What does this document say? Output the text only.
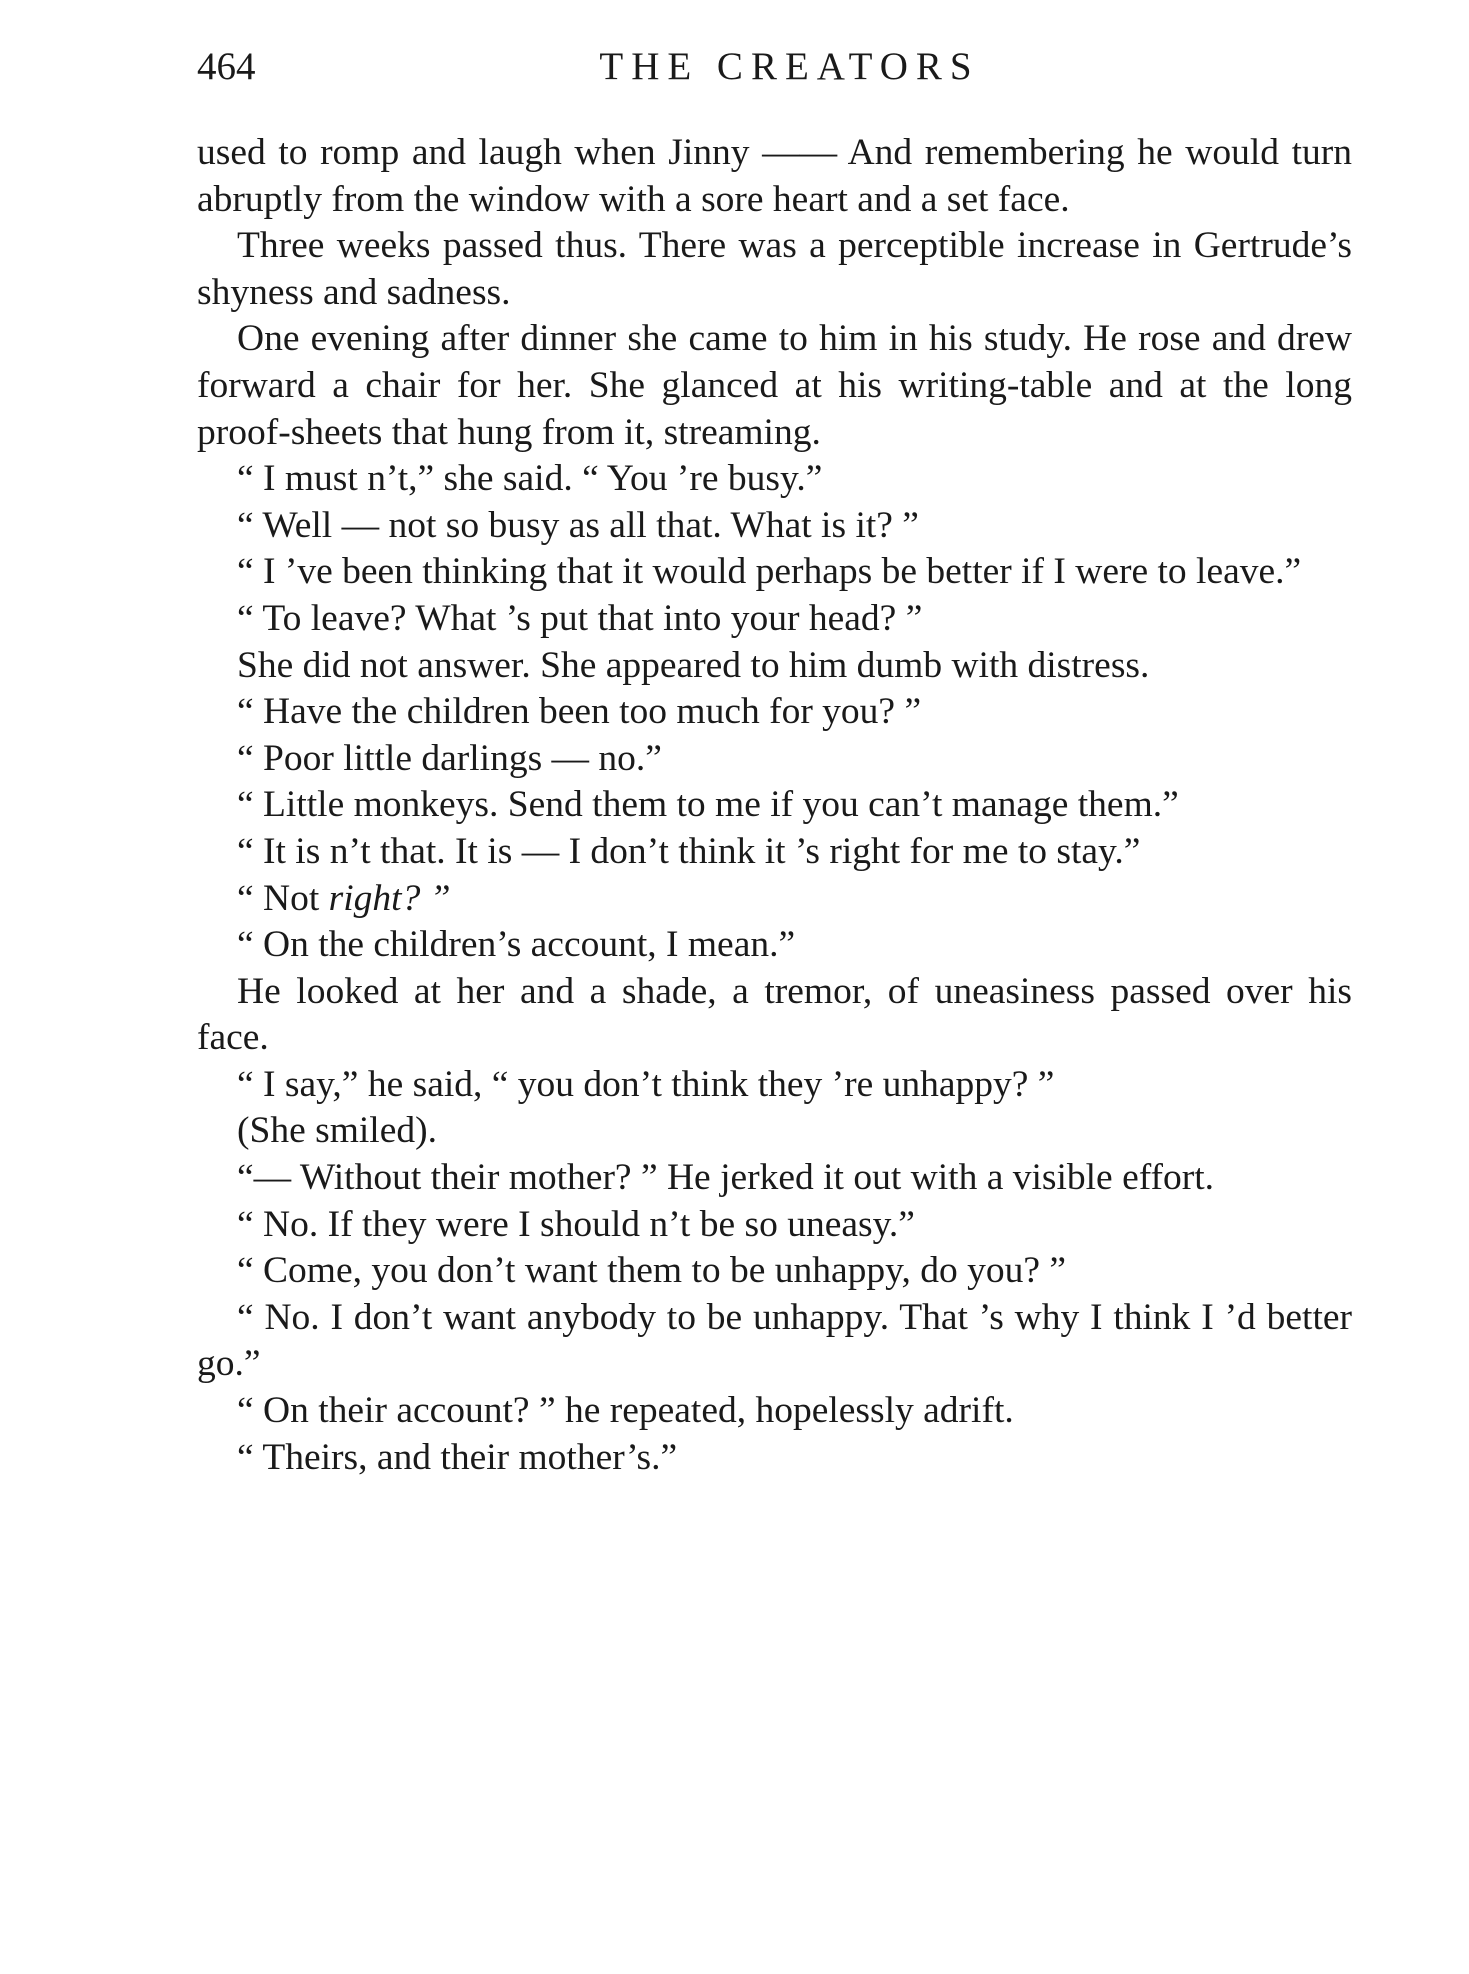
464	THE CREATORS

used to romp and laugh when Jinny —— And remembering he would turn abruptly from the window with a sore heart and a set face.

Three weeks passed thus. There was a perceptible increase in Gertrude’s shyness and sadness.

One evening after dinner she came to him in his study. He rose and drew forward a chair for her. She glanced at his writing-table and at the long proof-sheets that hung from it, streaming.

“ I must n’t,” she said. “ You ’re busy.”

“ Well — not so busy as all that. What is it? ”

“ I ’ve been thinking that it would perhaps be better if I were to leave.”

“ To leave? What ’s put that into your head? ”

She did not answer. She appeared to him dumb with distress.

“ Have the children been too much for you? ”

“ Poor little darlings — no.”

“ Little monkeys. Send them to me if you can’t manage them.”

“ It is n’t that. It is — I don’t think it ’s right for me to stay.”

“ Not right? ”

“ On the children’s account, I mean.”

He looked at her and a shade, a tremor, of uneasiness passed over his face.

“ I say,” he said, “ you don’t think they ’re unhappy? ”

(She smiled).

“— Without their mother? ” He jerked it out with a visible effort.

“ No. If they were I should n’t be so uneasy.”

“ Come, you don’t want them to be unhappy, do you? ”

“ No. I don’t want anybody to be unhappy. That ’s why I think I ’d better go.”

“ On their account? ” he repeated, hopelessly adrift.

“ Theirs, and their mother’s.”
